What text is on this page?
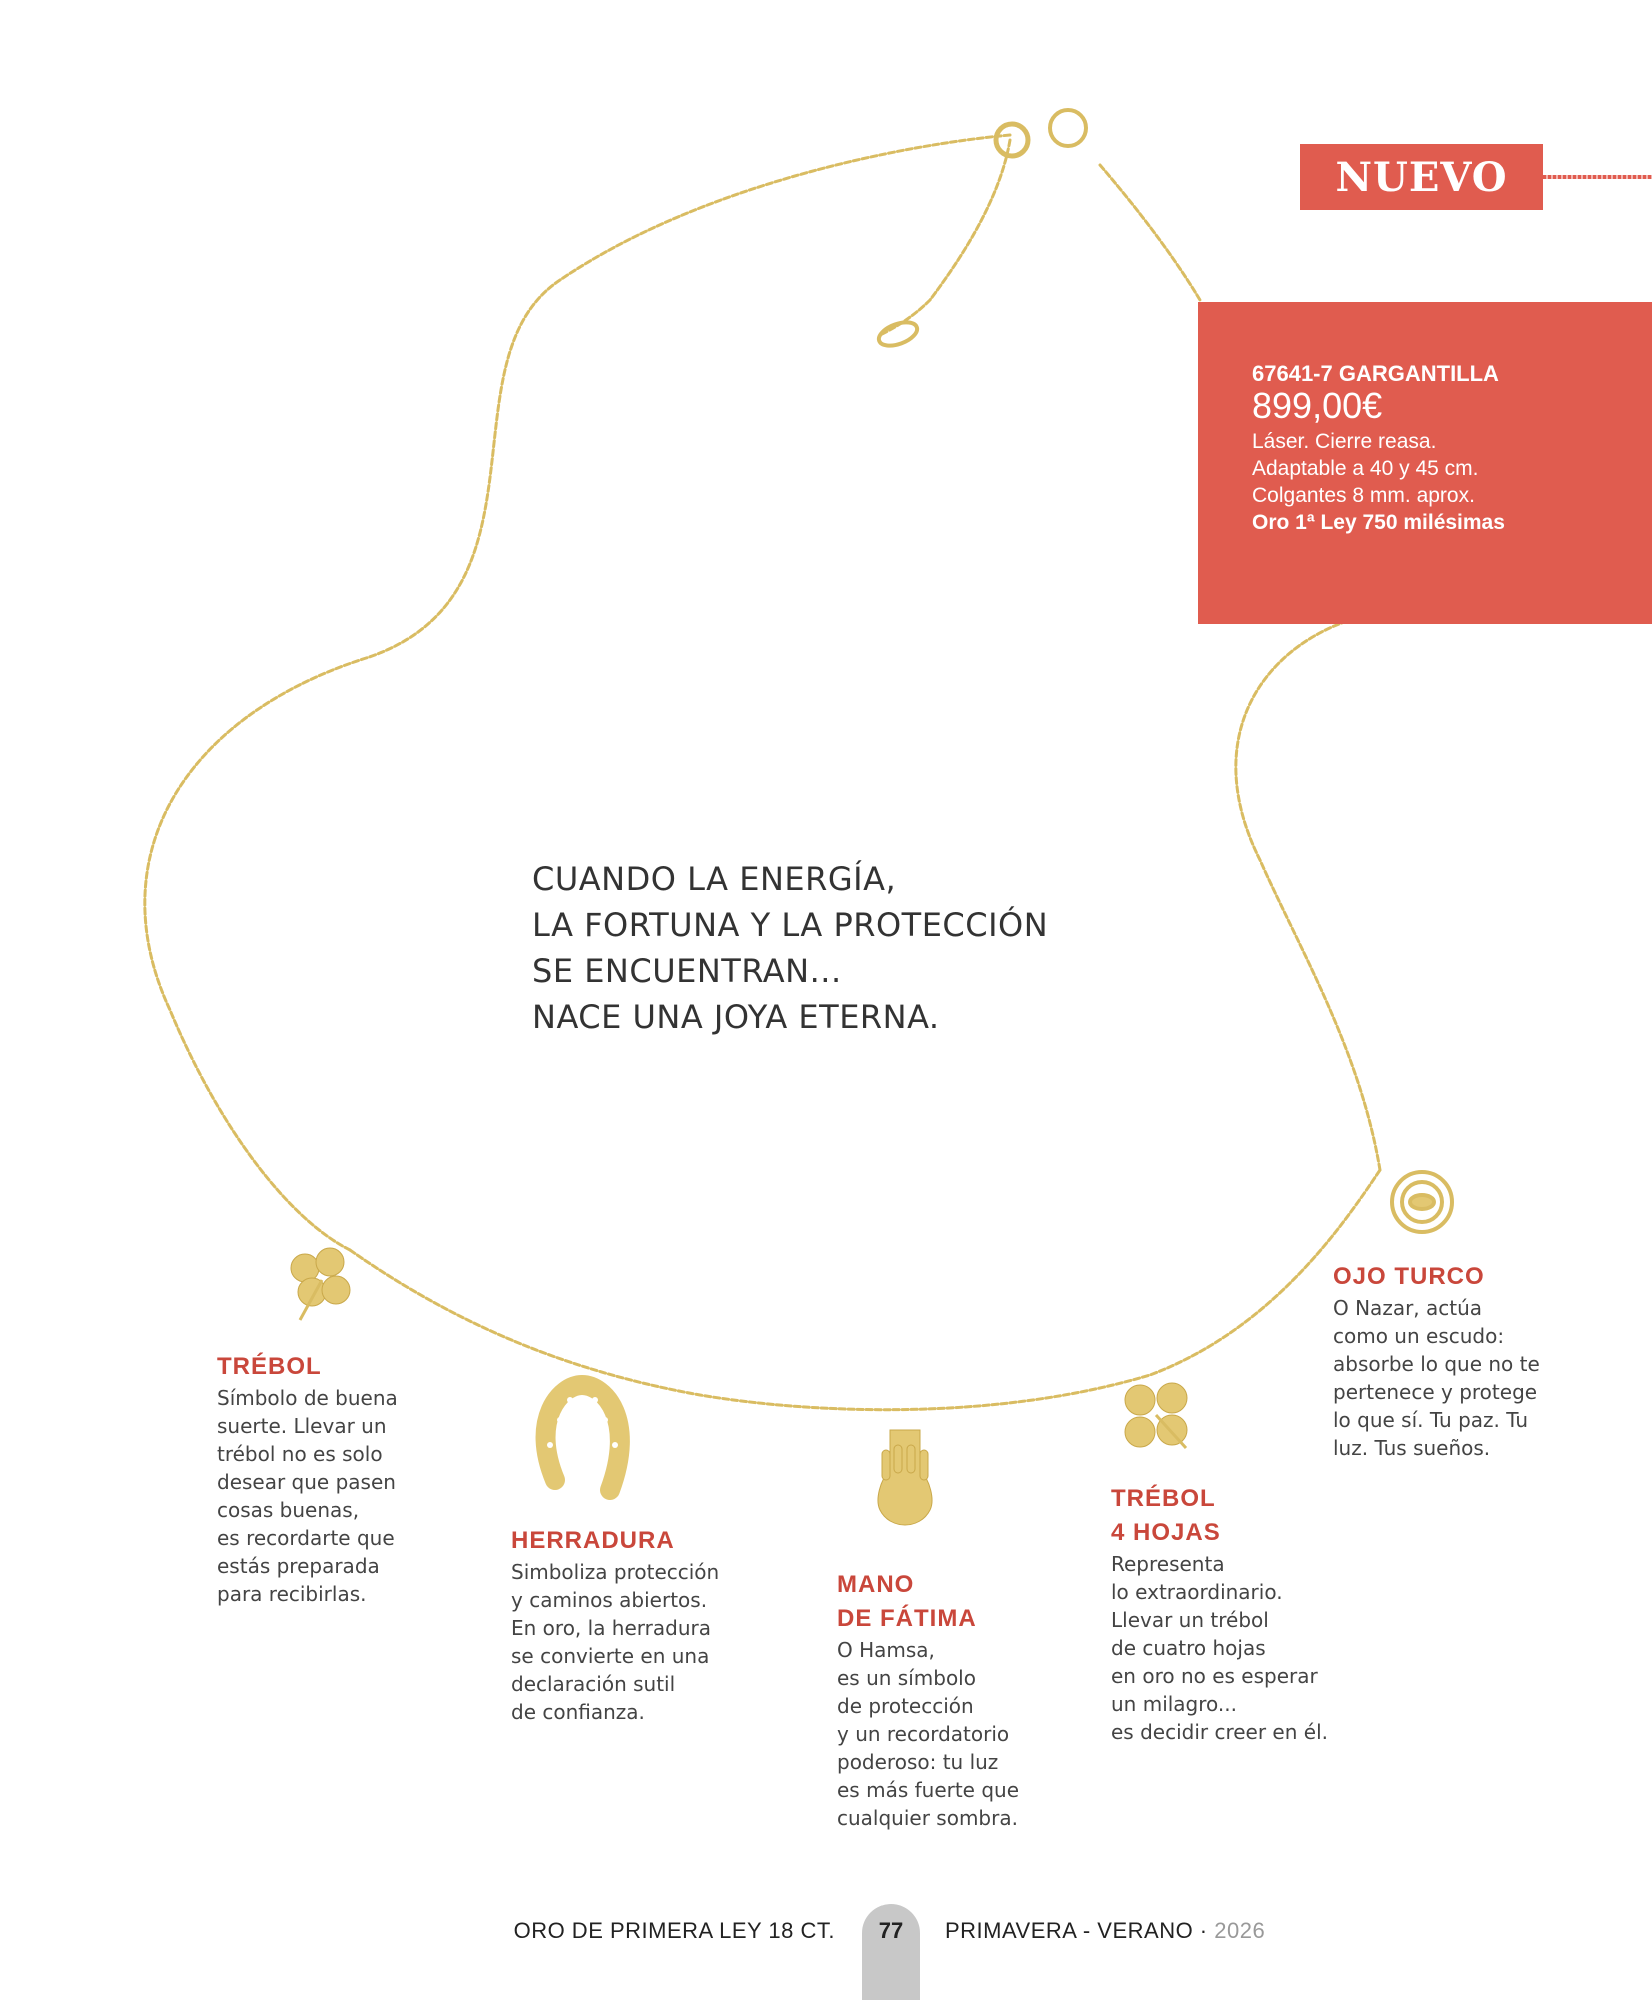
NUEVO
67641-7 GARGANTILLA
899,00€
Láser. Cierre reasa.
Adaptable a 40 y 45 cm.
Colgantes 8 mm. aprox.
Oro 1ª Ley 750 milésimas
CUANDO LA ENERGÍA,
LA FORTUNA Y LA PROTECCIÓN
SE ENCUENTRAN...
NACE UNA JOYA ETERNA.
TRÉBOL
Símbolo de buena
suerte. Llevar un
trébol no es solo
desear que pasen
cosas buenas,
es recordarte que
estás preparada
para recibirlas.
HERRADURA
Simboliza protección
y caminos abiertos.
En oro, la herradura
se convierte en una
declaración sutil
de confianza.
MANO
DE FÁTIMA
O Hamsa,
es un símbolo
de protección
y un recordatorio
poderoso: tu luz
es más fuerte que
cualquier sombra.
TRÉBOL
4 HOJAS
Representa
lo extraordinario.
Llevar un trébol
de cuatro hojas
en oro no es esperar
un milagro...
es decidir creer en él.
OJO TURCO
O Nazar, actúa
como un escudo:
absorbe lo que no te
pertenece y protege
lo que sí. Tu paz. Tu
luz. Tus sueños.
ORO DE PRIMERA LEY 18 CT.	77	PRIMAVERA - VERANO · 2026
